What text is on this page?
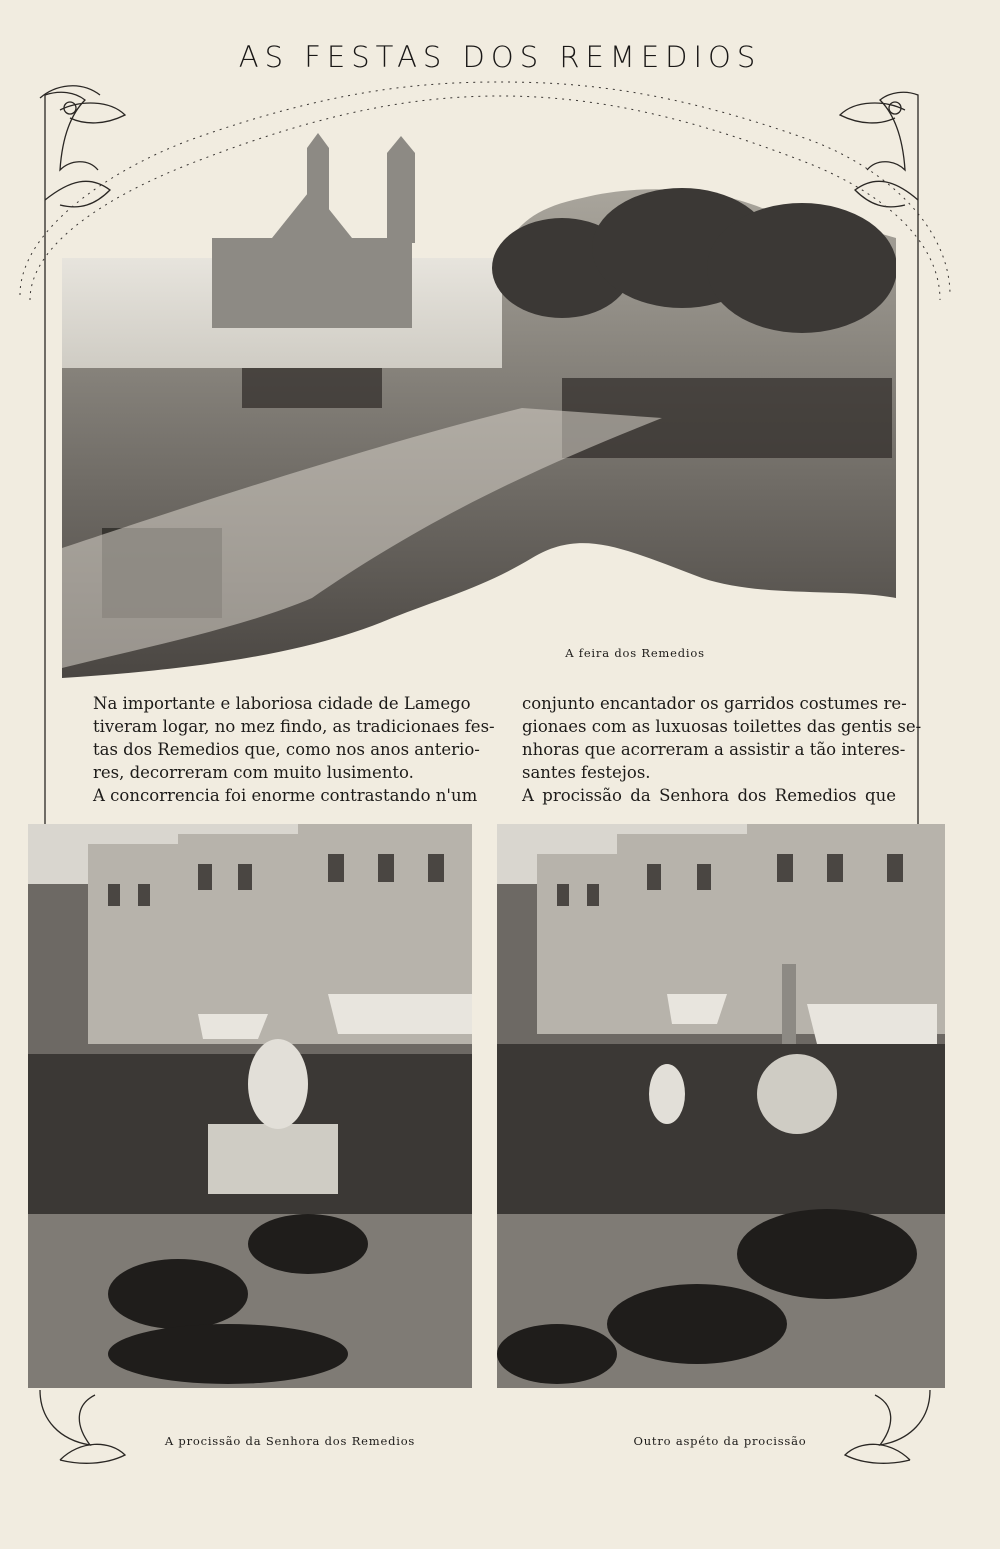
AS FESTAS DOS REMEDIOS
A feira dos Remedios
Na importante e laboriosa cidade de Lamego
tiveram logar, no mez findo, as tradicionaes fes-
tas dos Remedios que, como nos anos anterio-
res, decorreram com muito lusimento.
A concorrencia foi enorme contrastando n'um
conjunto encantador os garridos costumes re-
gionaes com as luxuosas toilettes das gentis se-
nhoras que acorreram a assistir a tão interes-
santes festejos.
A procissão da Senhora dos Remedios que
A procissão da Senhora dos Remedios	Outro aspéto da procissão
